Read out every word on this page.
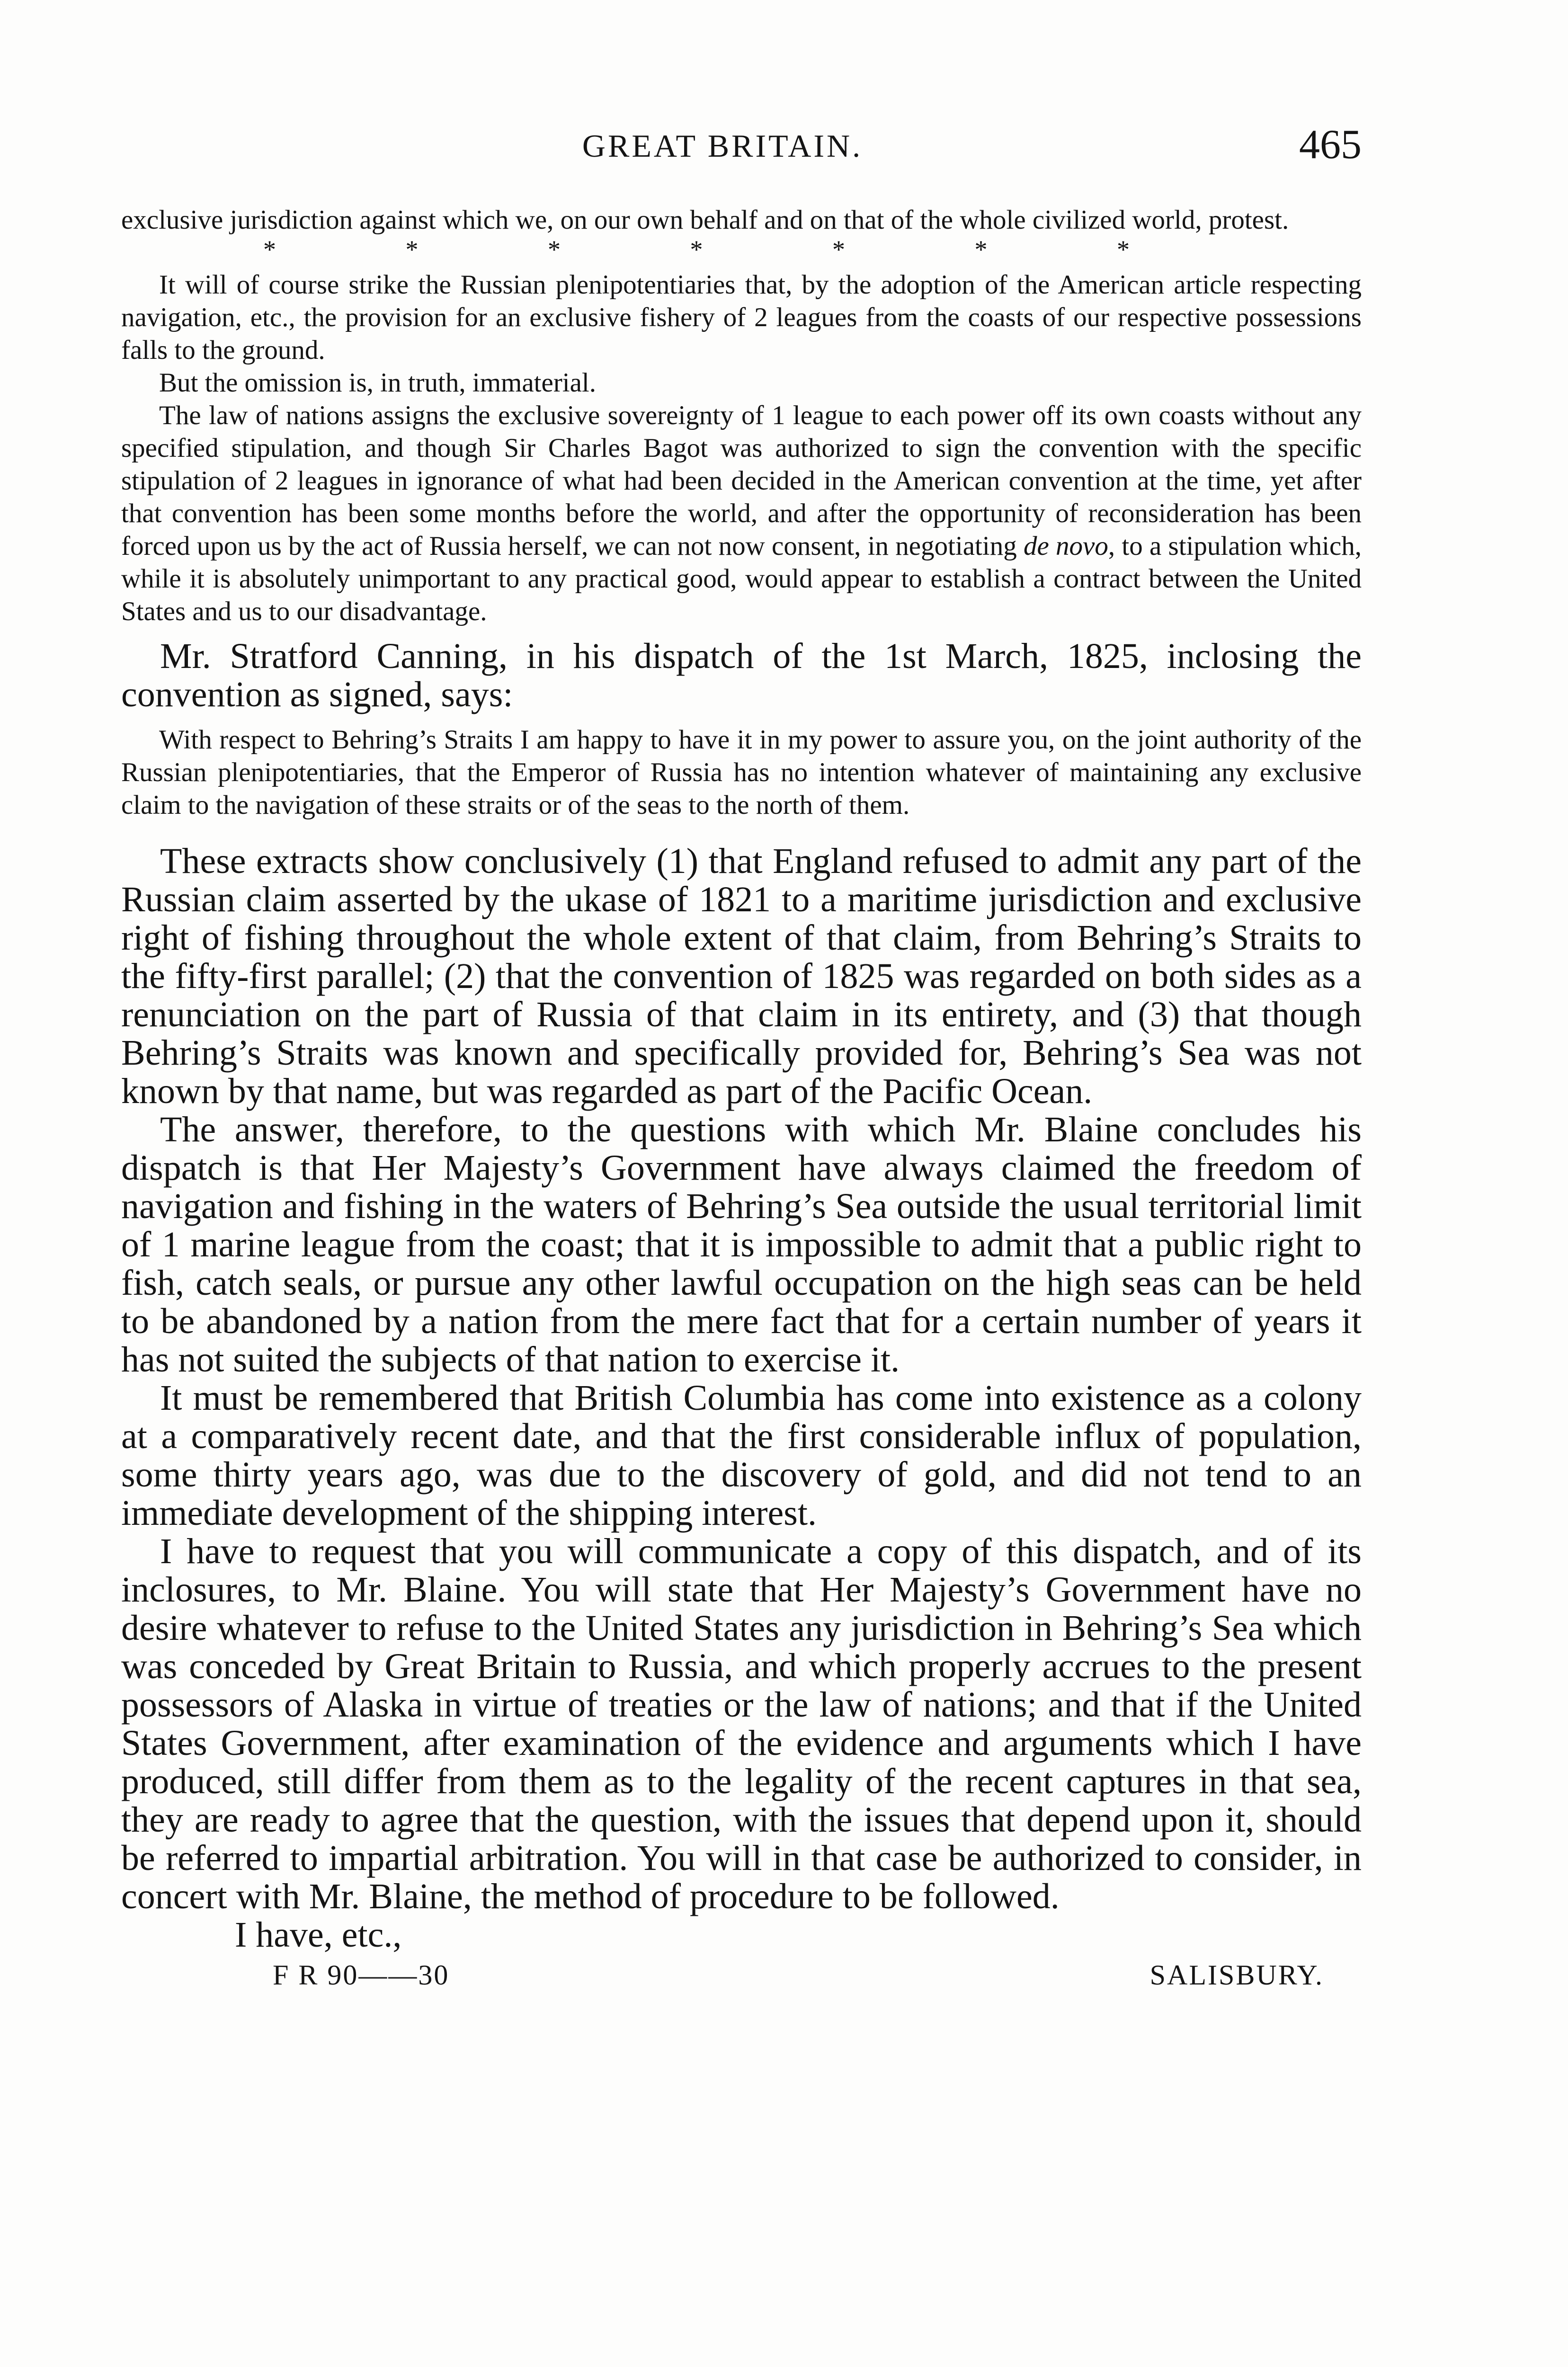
GREAT BRITAIN.	465

exclusive jurisdiction against which we, on our own behalf and on that of the whole civilized world, protest.

* * * * * * *

It will of course strike the Russian plenipotentiaries that, by the adoption of the American article respecting navigation, etc., the provision for an exclusive fishery of 2 leagues from the coasts of our respective possessions falls to the ground.

But the omission is, in truth, immaterial.

The law of nations assigns the exclusive sovereignty of 1 league to each power off its own coasts without any specified stipulation, and though Sir Charles Bagot was authorized to sign the convention with the specific stipulation of 2 leagues in ignorance of what had been decided in the American convention at the time, yet after that convention has been some months before the world, and after the opportunity of reconsideration has been forced upon us by the act of Russia herself, we can not now consent, in negotiating de novo, to a stipulation which, while it is absolutely unimportant to any practical good, would appear to establish a contract between the United States and us to our disadvantage.

Mr. Stratford Canning, in his dispatch of the 1st March, 1825, inclosing the convention as signed, says:

With respect to Behring’s Straits I am happy to have it in my power to assure you, on the joint authority of the Russian plenipotentiaries, that the Emperor of Russia has no intention whatever of maintaining any exclusive claim to the navigation of these straits or of the seas to the north of them.

These extracts show conclusively (1) that England refused to admit any part of the Russian claim asserted by the ukase of 1821 to a maritime jurisdiction and exclusive right of fishing throughout the whole extent of that claim, from Behring’s Straits to the fifty-first parallel; (2) that the convention of 1825 was regarded on both sides as a renunciation on the part of Russia of that claim in its entirety, and (3) that though Behring’s Straits was known and specifically provided for, Behring’s Sea was not known by that name, but was regarded as part of the Pacific Ocean.

The answer, therefore, to the questions with which Mr. Blaine concludes his dispatch is that Her Majesty’s Government have always claimed the freedom of navigation and fishing in the waters of Behring’s Sea outside the usual territorial limit of 1 marine league from the coast; that it is impossible to admit that a public right to fish, catch seals, or pursue any other lawful occupation on the high seas can be held to be abandoned by a nation from the mere fact that for a certain number of years it has not suited the subjects of that nation to exercise it.

It must be remembered that British Columbia has come into existence as a colony at a comparatively recent date, and that the first considerable influx of population, some thirty years ago, was due to the discovery of gold, and did not tend to an immediate development of the shipping interest.

I have to request that you will communicate a copy of this dispatch, and of its inclosures, to Mr. Blaine. You will state that Her Majesty’s Government have no desire whatever to refuse to the United States any jurisdiction in Behring’s Sea which was conceded by Great Britain to Russia, and which properly accrues to the present possessors of Alaska in virtue of treaties or the law of nations; and that if the United States Government, after examination of the evidence and arguments which I have produced, still differ from them as to the legality of the recent captures in that sea, they are ready to agree that the question, with the issues that depend upon it, should be referred to impartial arbitration. You will in that case be authorized to consider, in concert with Mr. Blaine, the method of procedure to be followed.

I have, etc.,

F R 90——30	SALISBURY.
